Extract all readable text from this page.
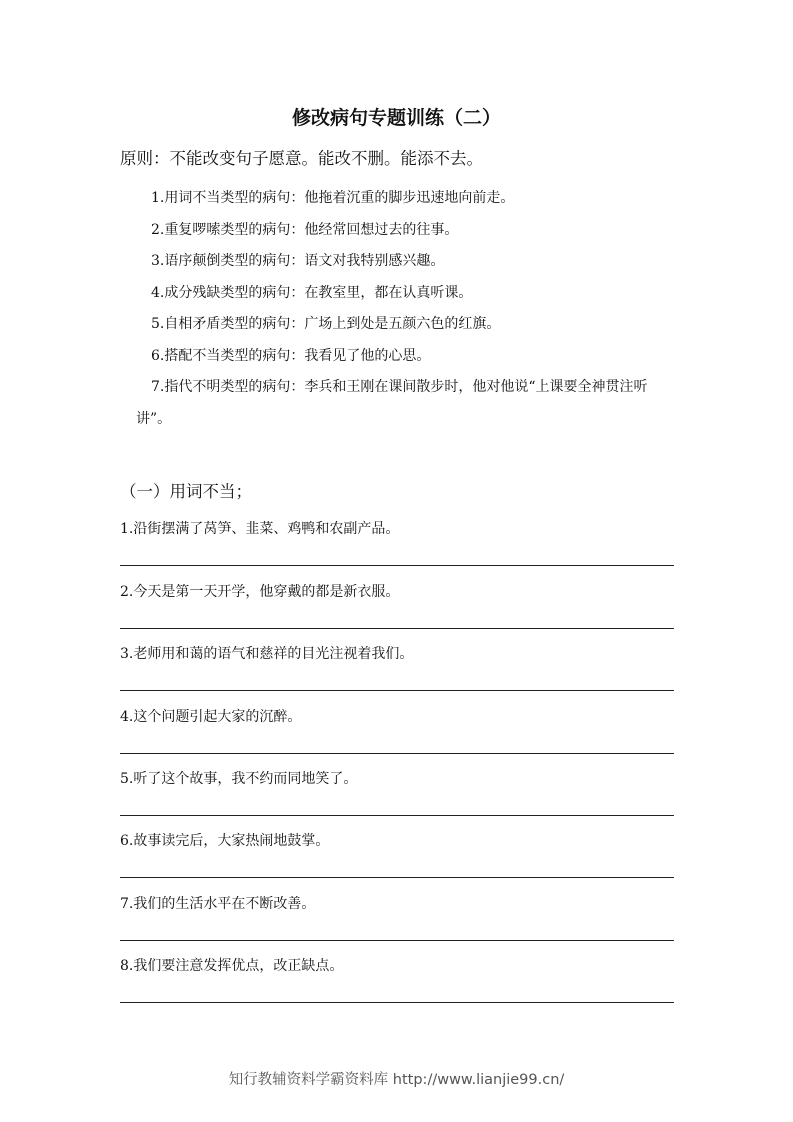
修改病句专题训练（二）

原则：不能改变句子愿意。能改不删。能添不去。

1.用词不当类型的病句：他拖着沉重的脚步迅速地向前走。

2.重复啰嗦类型的病句：他经常回想过去的往事。

3.语序颠倒类型的病句：语文对我特别感兴趣。

4.成分残缺类型的病句：在教室里，都在认真听课。

5.自相矛盾类型的病句：广场上到处是五颜六色的红旗。

6.搭配不当类型的病句：我看见了他的心思。

7.指代不明类型的病句：李兵和王刚在课间散步时，他对他说“上课要全神贯注听讲”。

（一）用词不当；

1.沿街摆满了莴笋、韭菜、鸡鸭和农副产品。

2.今天是第一天开学，他穿戴的都是新衣服。

3.老师用和蔼的语气和慈祥的目光注视着我们。

4.这个问题引起大家的沉醉。

5.听了这个故事，我不约而同地笑了。

6.故事读完后，大家热闹地鼓掌。

7.我们的生活水平在不断改善。

8.我们要注意发挥优点，改正缺点。

知行教辅资料学霸资料库 http://www.lianjie99.cn/
